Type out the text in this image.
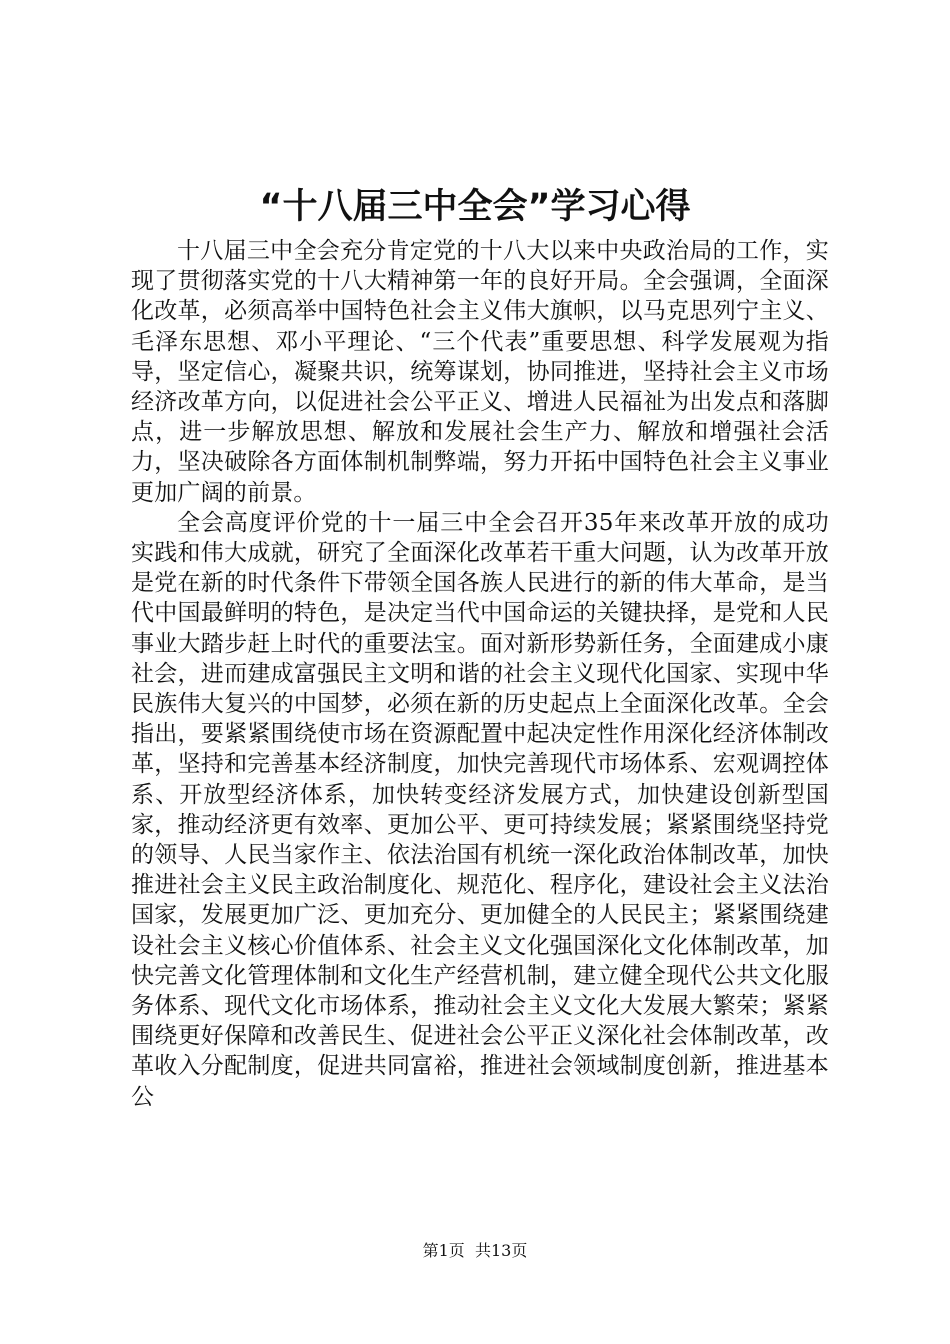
“十八届三中全会”学习心得

十八届三中全会充分肯定党的十八大以来中央政治局的工作，实现了贯彻落实党的十八大精神第一年的良好开局。全会强调，全面深化改革，必须高举中国特色社会主义伟大旗帜，以马克思列宁主义、毛泽东思想、邓小平理论、“三个代表”重要思想、科学发展观为指导，坚定信心，凝聚共识，统筹谋划，协同推进，坚持社会主义市场经济改革方向，以促进社会公平正义、增进人民福祉为出发点和落脚点，进一步解放思想、解放和发展社会生产力、解放和增强社会活力，坚决破除各方面体制机制弊端，努力开拓中国特色社会主义事业更加广阔的前景。

全会高度评价党的十一届三中全会召开35年来改革开放的成功实践和伟大成就，研究了全面深化改革若干重大问题，认为改革开放是党在新的时代条件下带领全国各族人民进行的新的伟大革命，是当代中国最鲜明的特色，是决定当代中国命运的关键抉择，是党和人民事业大踏步赶上时代的重要法宝。面对新形势新任务，全面建成小康社会，进而建成富强民主文明和谐的社会主义现代化国家、实现中华民族伟大复兴的中国梦，必须在新的历史起点上全面深化改革。全会指出，要紧紧围绕使市场在资源配置中起决定性作用深化经济体制改革，坚持和完善基本经济制度，加快完善现代市场体系、宏观调控体系、开放型经济体系，加快转变经济发展方式，加快建设创新型国家，推动经济更有效率、更加公平、更可持续发展；紧紧围绕坚持党的领导、人民当家作主、依法治国有机统一深化政治体制改革，加快推进社会主义民主政治制度化、规范化、程序化，建设社会主义法治国家，发展更加广泛、更加充分、更加健全的人民民主；紧紧围绕建设社会主义核心价值体系、社会主义文化强国深化文化体制改革，加快完善文化管理体制和文化生产经营机制，建立健全现代公共文化服务体系、现代文化市场体系，推动社会主义文化大发展大繁荣；紧紧围绕更好保障和改善民生、促进社会公平正义深化社会体制改革，改革收入分配制度，促进共同富裕，推进社会领域制度创新，推进基本公

第1页 共13页
